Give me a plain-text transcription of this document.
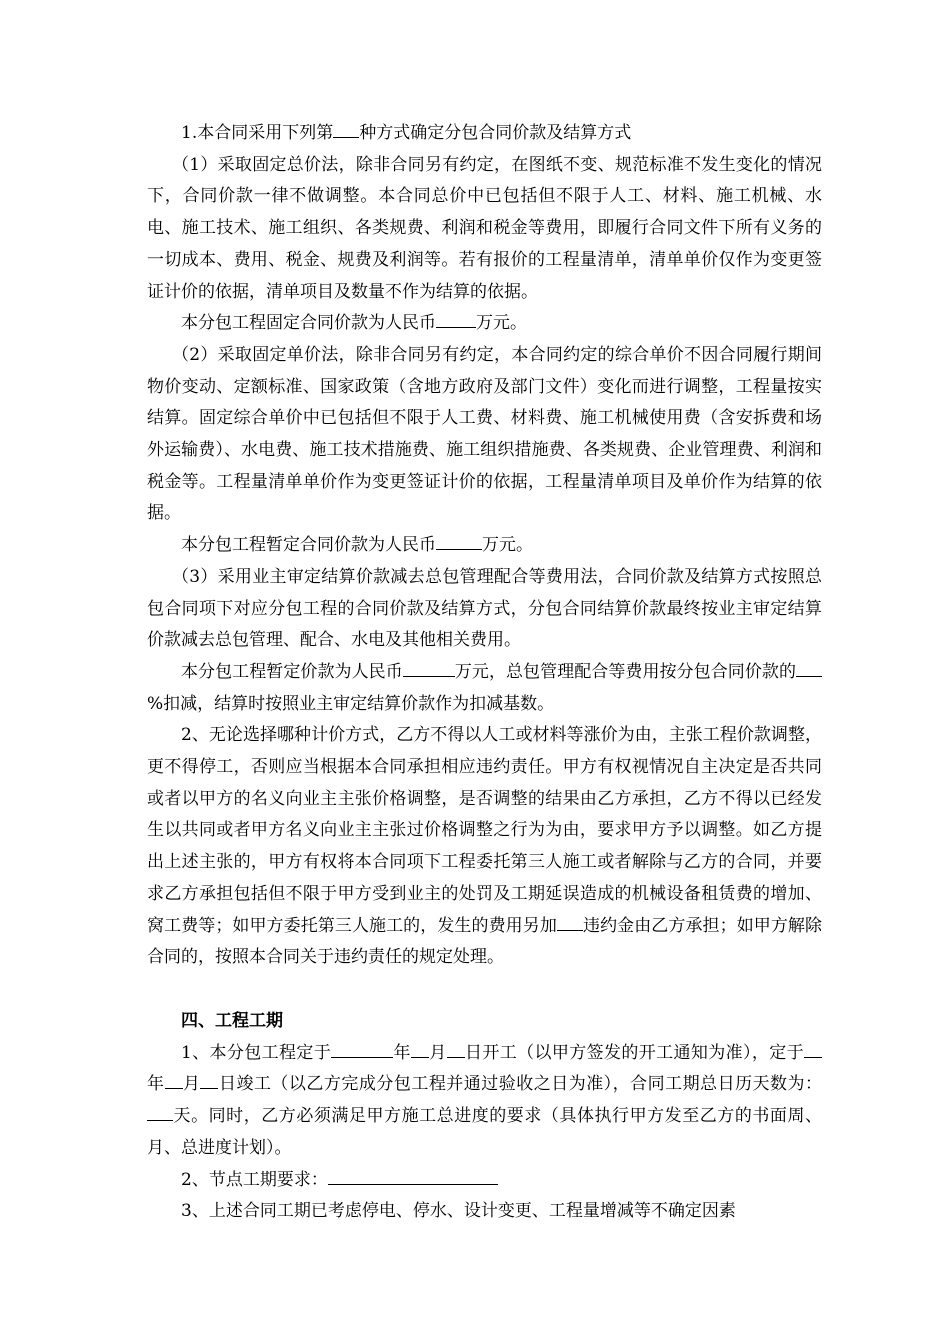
1.本合同采用下列第 种方式确定分包合同价款及结算方式

（1）采取固定总价法，除非合同另有约定，在图纸不变、规范标准不发生变化的情况下，合同价款一律不做调整。本合同总价中已包括但不限于人工、材料、施工机械、水电、施工技术、施工组织、各类规费、利润和税金等费用，即履行合同文件下所有义务的一切成本、费用、税金、规费及利润等。若有报价的工程量清单，清单单价仅作为变更签证计价的依据，清单项目及数量不作为结算的依据。

本分包工程固定合同价款为人民币 万元。

（2）采取固定单价法，除非合同另有约定，本合同约定的综合单价不因合同履行期间物价变动、定额标准、国家政策（含地方政府及部门文件）变化而进行调整，工程量按实结算。固定综合单价中已包括但不限于人工费、材料费、施工机械使用费（含安拆费和场外运输费）、水电费、施工技术措施费、施工组织措施费、各类规费、企业管理费、利润和税金等。工程量清单单价作为变更签证计价的依据，工程量清单项目及单价作为结算的依据。

本分包工程暂定合同价款为人民币	万元。

（3）采用业主审定结算价款减去总包管理配合等费用法，合同价款及结算方式按照总包合同项下对应分包工程的合同价款及结算方式，分包合同结算价款最终按业主审定结算价款减去总包管理、配合、水电及其他相关费用。

本分包工程暂定价款为人民币	万元，总包管理配合等费用按分包合同价款的%扣减，结算时按照业主审定结算价款作为扣减基数。

2、无论选择哪种计价方式，乙方不得以人工或材料等涨价为由，主张工程价款调整，更不得停工，否则应当根据本合同承担相应违约责任。甲方有权视情况自主决定是否共同或者以甲方的名义向业主主张价格调整，是否调整的结果由乙方承担，乙方不得以已经发生以共同或者甲方名义向业主主张过价格调整之行为为由，要求甲方予以调整。如乙方提出上述主张的，甲方有权将本合同项下工程委托第三人施工或者解除与乙方的合同，并要求乙方承担包括但不限于甲方受到业主的处罚及工期延误造成的机械设备租赁费的增加、窝工费等；如甲方委托第三人施工的，发生的费用另加 违约金由乙方承担；如甲方解除合同的，按照本合同关于违约责任的规定处理。

四、工程工期

1、本分包工程定于	年 月 日开工（以甲方签发的开工通知为准），定于年 月 日竣工（以乙方完成分包工程并通过验收之日为准），合同工期总日历天数为：天。同时，乙方必须满足甲方施工总进度的要求（具体执行甲方发至乙方的书面周、月、总进度计划）。

2、节点工期要求：

3、上述合同工期已考虑停电、停水、设计变更、工程量增减等不确定因素
